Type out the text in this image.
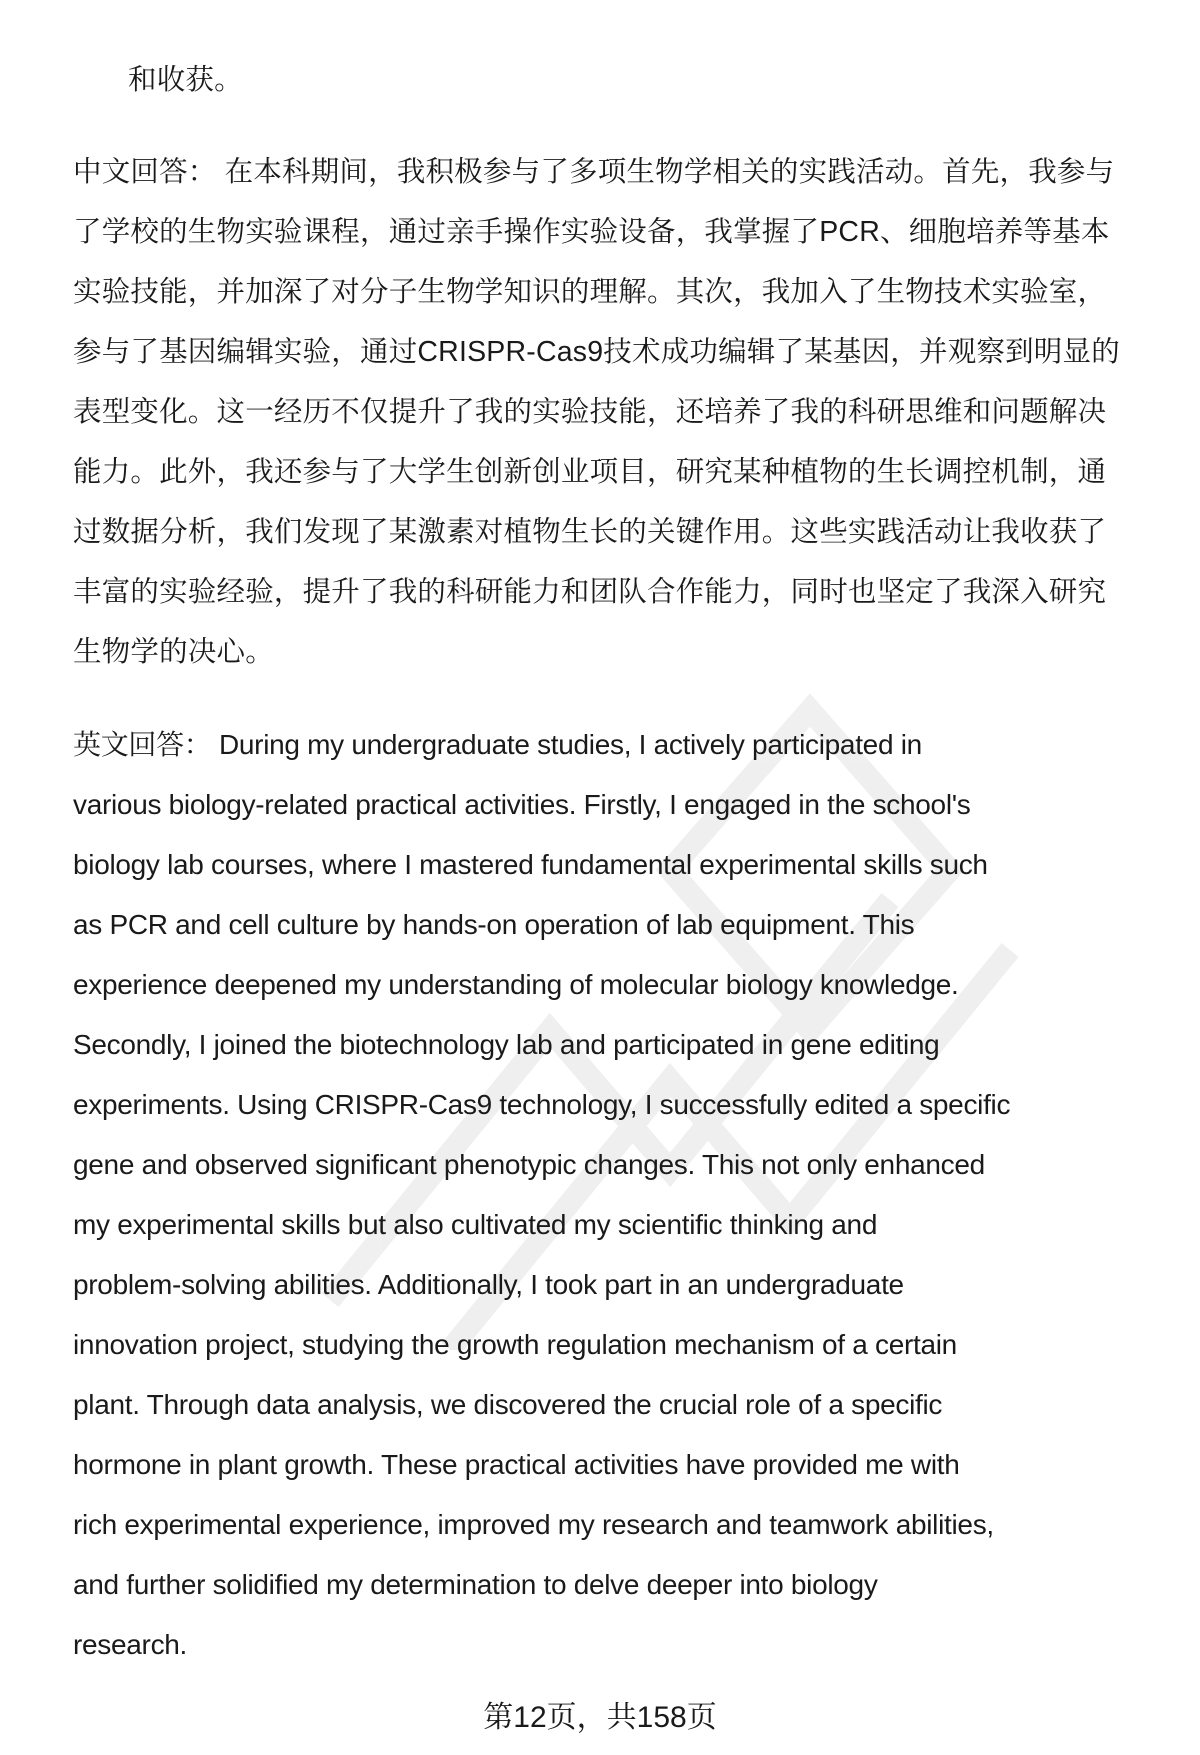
和收获。
中文回答： 在本科期间，我积极参与了多项生物学相关的实践活动。首先，我参与
了学校的生物实验课程，通过亲手操作实验设备，我掌握了PCR、细胞培养等基本
实验技能，并加深了对分子生物学知识的理解。其次，我加入了生物技术实验室，
参与了基因编辑实验，通过CRISPR-Cas9技术成功编辑了某基因，并观察到明显的
表型变化。这一经历不仅提升了我的实验技能，还培养了我的科研思维和问题解决
能力。此外，我还参与了大学生创新创业项目，研究某种植物的生长调控机制，通
过数据分析，我们发现了某激素对植物生长的关键作用。这些实践活动让我收获了
丰富的实验经验，提升了我的科研能力和团队合作能力，同时也坚定了我深入研究
生物学的决心。
英文回答： During my undergraduate studies, I actively participated in
various biology-related practical activities. Firstly, I engaged in the school's
biology lab courses, where I mastered fundamental experimental skills such
as PCR and cell culture by hands-on operation of lab equipment. This
experience deepened my understanding of molecular biology knowledge.
Secondly, I joined the biotechnology lab and participated in gene editing
experiments. Using CRISPR-Cas9 technology, I successfully edited a specific
gene and observed significant phenotypic changes. This not only enhanced
my experimental skills but also cultivated my scientific thinking and
problem-solving abilities. Additionally, I took part in an undergraduate
innovation project, studying the growth regulation mechanism of a certain
plant. Through data analysis, we discovered the crucial role of a specific
hormone in plant growth. These practical activities have provided me with
rich experimental experience, improved my research and teamwork abilities,
and further solidified my determination to delve deeper into biology
research.
第12页，共158页
